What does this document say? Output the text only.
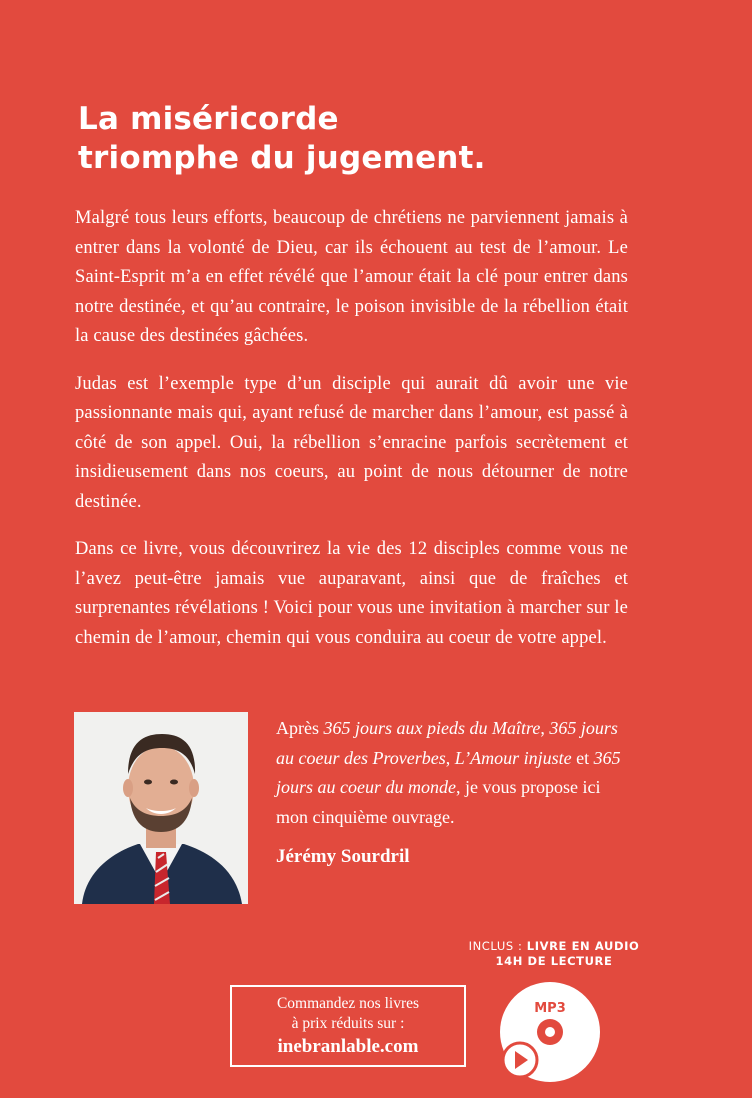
La miséricorde
triomphe du jugement.

Malgré tous leurs efforts, beaucoup de chrétiens ne parviennent jamais à entrer dans la volonté de Dieu, car ils échouent au test de l’amour. Le Saint-Esprit m’a en effet révélé que l’amour était la clé pour entrer dans notre destinée, et qu’au contraire, le poison invisible de la rébellion était la cause des destinées gâchées.

Judas est l’exemple type d’un disciple qui aurait dû avoir une vie passionnante mais qui, ayant refusé de marcher dans l’amour, est passé à côté de son appel. Oui, la rébellion s’enracine parfois secrètement et insidieusement dans nos coeurs, au point de nous détourner de notre destinée.

Dans ce livre, vous découvrirez la vie des 12 disciples comme vous ne l’avez peut-être jamais vue auparavant, ainsi que de fraîches et surprenantes révélations ! Voici pour vous une invitation à marcher sur le chemin de l’amour, chemin qui vous conduira au coeur de votre appel.

Après 365 jours aux pieds du Maître, 365 jours au coeur des Proverbes, L’Amour injuste et 365 jours au coeur du monde, je vous propose ici mon cinquième ouvrage.

Jérémy Sourdril

INCLUS : LIVRE EN AUDIO
14H DE LECTURE
Commandez nos livres
à prix réduits sur :
inebranlable.com
MP3
